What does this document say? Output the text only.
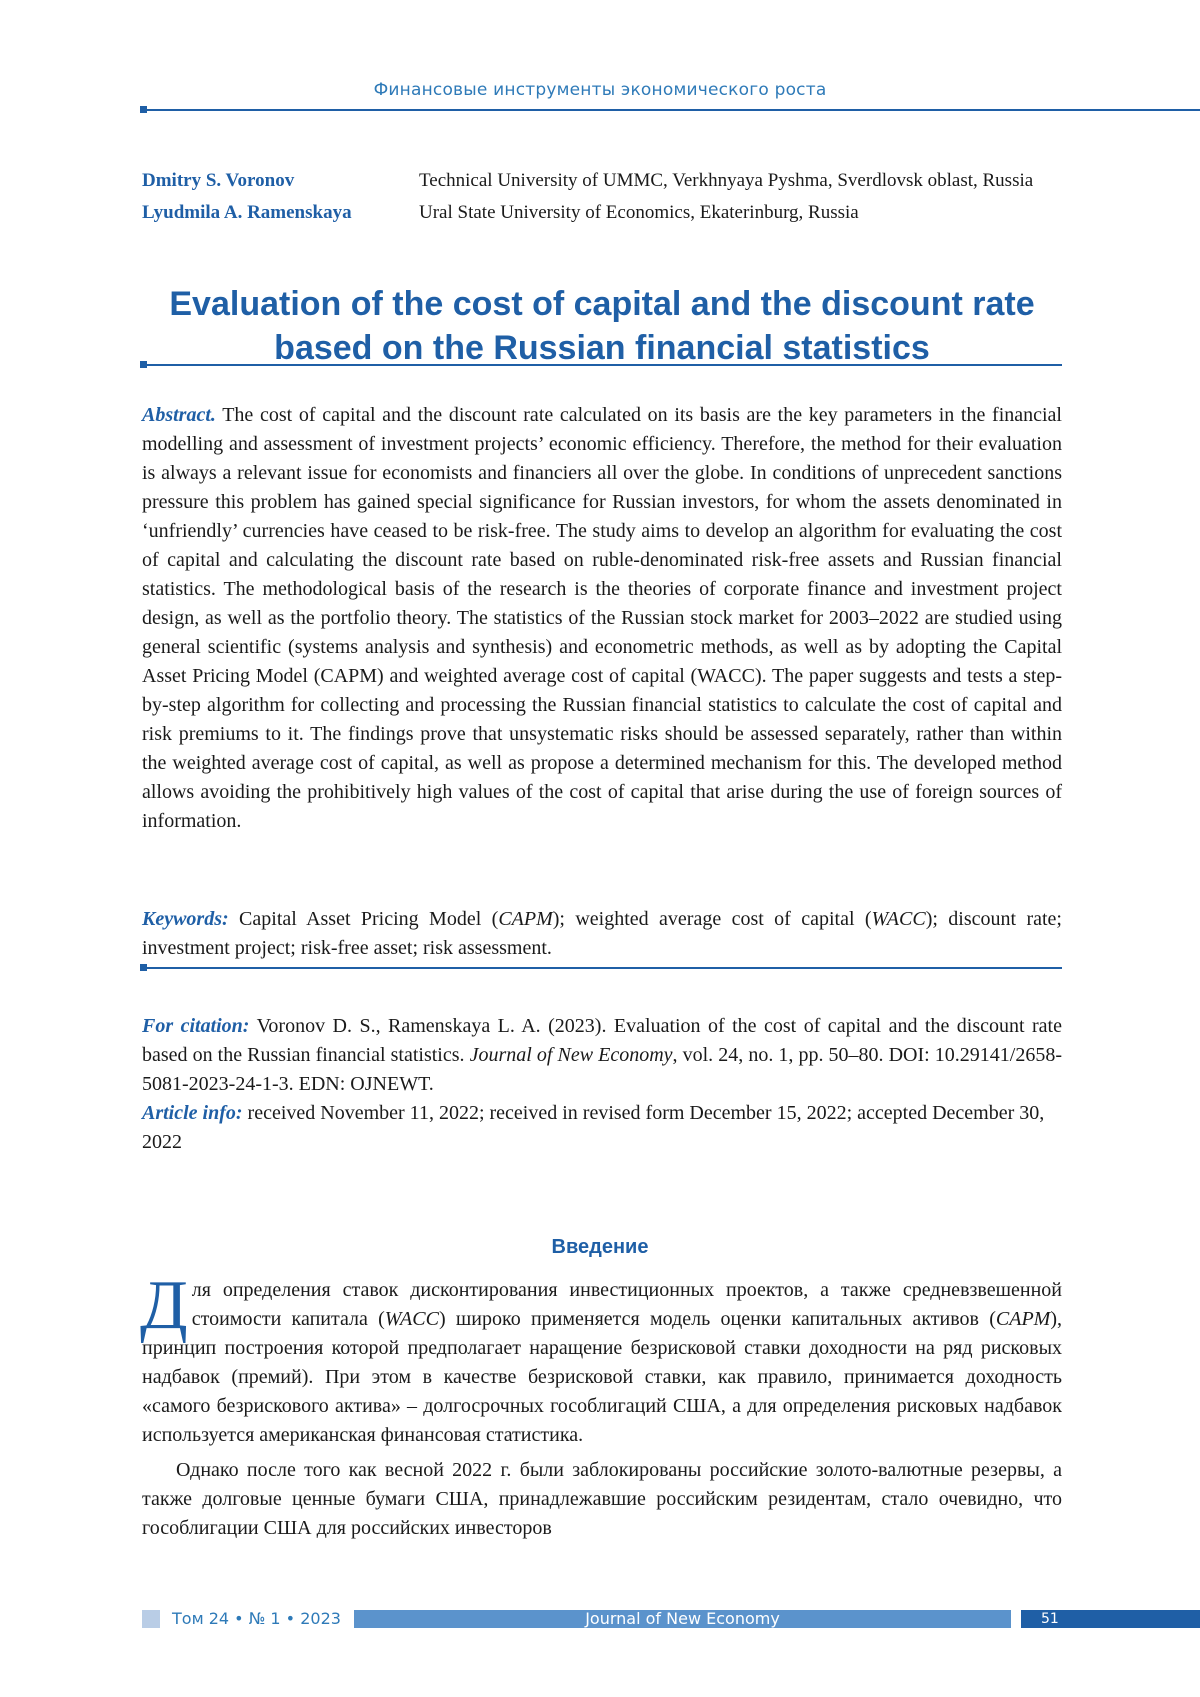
Финансовые инструменты экономического роста
Dmitry S. Voronov	Technical University of UMMC, Verkhnyaya Pyshma, Sverdlovsk oblast, Russia
Lyudmila A. Ramenskaya	Ural State University of Economics, Ekaterinburg, Russia
Evaluation of the cost of capital and the discount rate based on the Russian financial statistics
Abstract. The cost of capital and the discount rate calculated on its basis are the key parameters in the financial modelling and assessment of investment projects’ economic efficiency. Therefore, the method for their evaluation is always a relevant issue for economists and financiers all over the globe. In conditions of unprecedent sanctions pressure this problem has gained special significance for Russian investors, for whom the assets denominated in ‘unfriendly’ currencies have ceased to be risk-free. The study aims to develop an algorithm for evaluating the cost of capital and calculating the discount rate based on ruble-denominated risk-free assets and Russian financial statistics. The methodological basis of the research is the theories of corporate finance and investment project design, as well as the portfolio theory. The statistics of the Russian stock market for 2003–2022 are studied using general scientific (systems analysis and synthesis) and econometric methods, as well as by adopting the Capital Asset Pricing Model (CAPM) and weighted average cost of capital (WACC). The paper suggests and tests a step-by-step algorithm for collecting and processing the Russian financial statistics to calculate the cost of capital and risk premiums to it. The findings prove that unsystematic risks should be assessed separately, rather than within the weighted average cost of capital, as well as propose a determined mechanism for this. The developed method allows avoiding the prohibitively high values of the cost of capital that arise during the use of foreign sources of information.
Keywords: Capital Asset Pricing Model (CAPM); weighted average cost of capital (WACC); discount rate; investment project; risk-free asset; risk assessment.
For citation: Voronov D. S., Ramenskaya L. A. (2023). Evaluation of the cost of capital and the discount rate based on the Russian financial statistics. Journal of New Economy, vol. 24, no. 1, pp. 50–80. DOI: 10.29141/2658-5081-2023-24-1-3. EDN: OJNEWT.
Article info: received November 11, 2022; received in revised form December 15, 2022; accepted December 30, 2022
Введение

Д ля определения ставок дисконтирования инвестиционных проектов, а также средневзвешенной стоимости капитала (WACC) широко применяется модель оценки капитальных активов (CAPM), принцип построения которой предполагает наращение безрисковой ставки доходности на ряд рисковых надбавок (премий). При этом в качестве безрисковой ставки, как правило, принимается доходность «самого безрискового актива» – долгосрочных гособлигаций США, а для определения рисковых надбавок используется американская финансовая статистика.

Однако после того как весной 2022 г. были заблокированы российские золото-валютные резервы, а также долговые ценные бумаги США, принадлежавшие российским резидентам, стало очевидно, что гособлигации США для российских инвесторов

Том 24 • № 1 • 2023	Journal of New Economy	51
